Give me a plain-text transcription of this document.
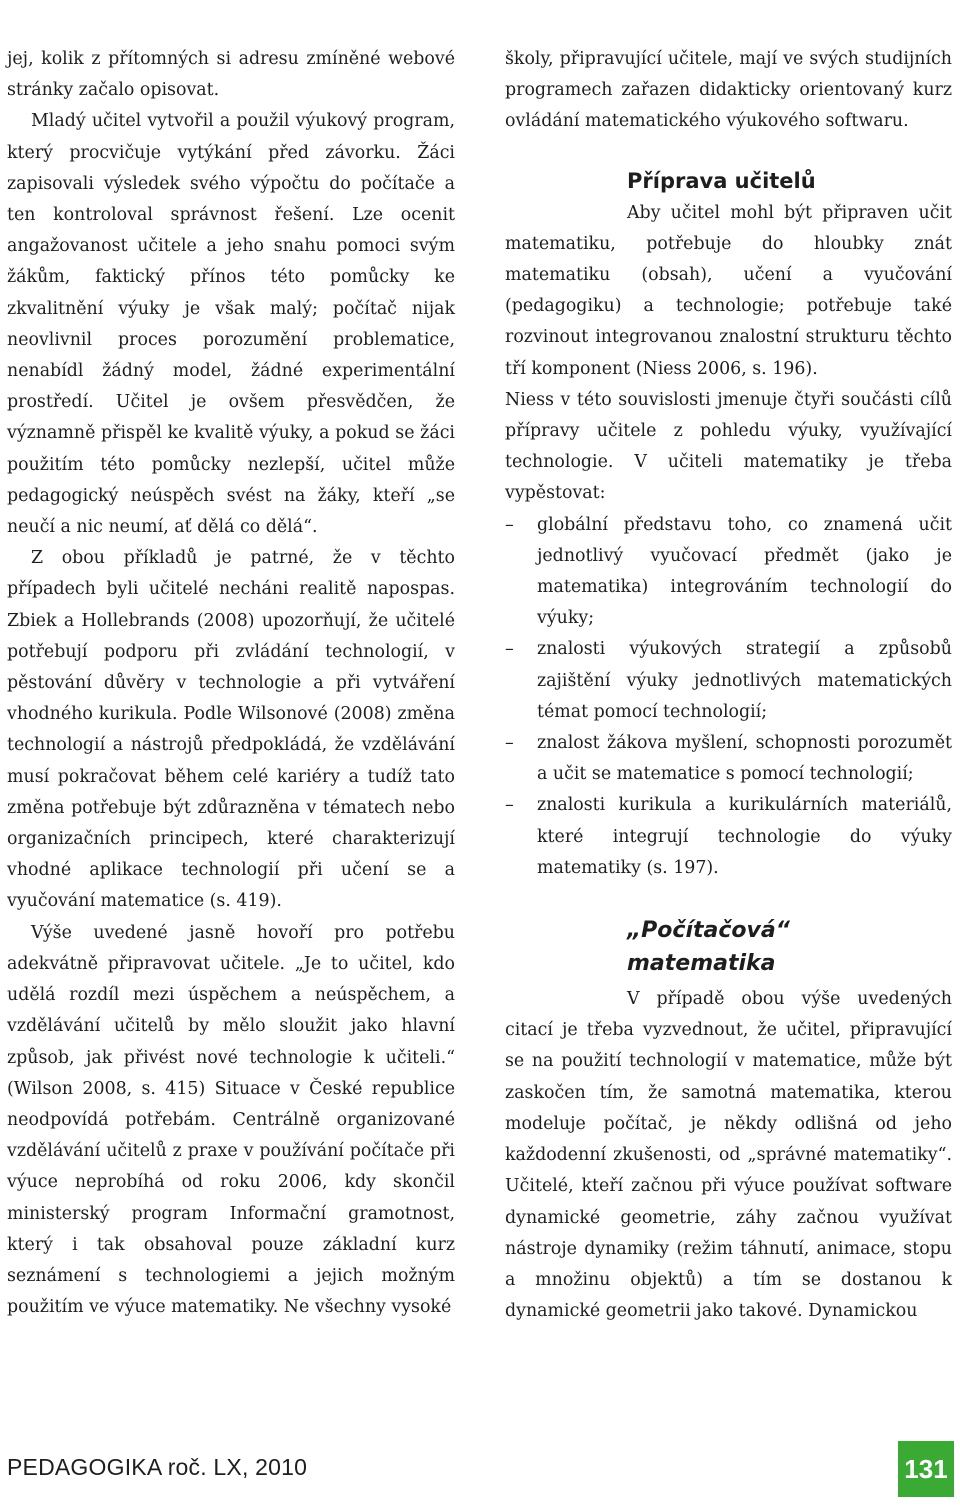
jej, kolik z přítomných si adresu zmíněné webové stránky začalo opisovat.

Mladý učitel vytvořil a použil výukový program, který procvičuje vytýkání před závorku. Žáci zapisovali výsledek svého výpočtu do počítače a ten kontroloval správnost řešení. Lze ocenit angažovanost učitele a jeho snahu pomoci svým žákům, faktický přínos této pomůcky ke zkvalitnění výuky je však malý; počítač nijak neovlivnil proces porozumění problematice, nenabídl žádný model, žádné experimentální prostředí. Učitel je ovšem přesvědčen, že významně přispěl ke kvalitě výuky, a pokud se žáci použitím této pomůcky nezlepší, učitel může pedagogický neúspěch svést na žáky, kteří „se neučí a nic neumí, ať dělá co dělá“.

Z obou příkladů je patrné, že v těchto případech byli učitelé necháni realitě napospas. Zbiek a Hollebrands (2008) upozorňují, že učitelé potřebují podporu při zvládání technologií, v pěstování důvěry v technologie a při vytváření vhodného kurikula. Podle Wilsonové (2008) změna technologií a nástrojů předpokládá, že vzdělávání musí pokračovat během celé kariéry a tudíž tato změna potřebuje být zdůrazněna v tématech nebo organizačních principech, které charakterizují vhodné aplikace technologií při učení se a vyučování matematice (s. 419).

Výše uvedené jasně hovoří pro potřebu adekvátně připravovat učitele. „Je to učitel, kdo udělá rozdíl mezi úspěchem a neúspěchem, a vzdělávání učitelů by mělo sloužit jako hlavní způsob, jak přivést nové technologie k učiteli.“ (Wilson 2008, s. 415) Situace v České republice neodpovídá potřebám. Centrálně organizované vzdělávání učitelů z praxe v používání počítače při výuce neprobíhá od roku 2006, kdy skončil ministerský program Informační gramotnost, který i tak obsahoval pouze základní kurz seznámení s technologiemi a jejich možným použitím ve výuce matematiky. Ne všechny vysoké

školy, připravující učitele, mají ve svých studijních programech zařazen didakticky orientovaný kurz ovládání matematického výukového softwaru.

Příprava učitelů

Aby učitel mohl být připraven učit matematiku, potřebuje do hloubky znát matematiku (obsah), učení a vyučování (pedagogiku) a technologie; potřebuje také rozvinout integrovanou znalostní strukturu těchto tří komponent (Niess 2006, s. 196).

Niess v této souvislosti jmenuje čtyři součásti cílů přípravy učitele z pohledu výuky, využívající technologie. V učiteli matematiky je třeba vypěstovat:

– globální představu toho, co znamená učit jednotlivý vyučovací předmět (jako je matematika) integrováním technologií do výuky;
– znalosti výukových strategií a způsobů zajištění výuky jednotlivých matematických témat pomocí technologií;
– znalost žákova myšlení, schopnosti porozumět a učit se matematice s pomocí technologií;
– znalosti kurikula a kurikulárních materiálů, které integrují technologie do výuky matematiky (s. 197).
„Počítačová“
matematika

V případě obou výše uvedených citací je třeba vyzvednout, že učitel, připravující se na použití technologií v matematice, může být zaskočen tím, že samotná matematika, kterou modeluje počítač, je někdy odlišná od jeho každodenní zkušenosti, od „správné matematiky“. Učitelé, kteří začnou při výuce používat software dynamické geometrie, záhy začnou využívat nástroje dynamiky (režim táhnutí, animace, stopu a množinu objektů) a tím se dostanou k dynamické geometrii jako takové. Dynamickou

PEDAGOGIKA roč. LX, 2010	131
